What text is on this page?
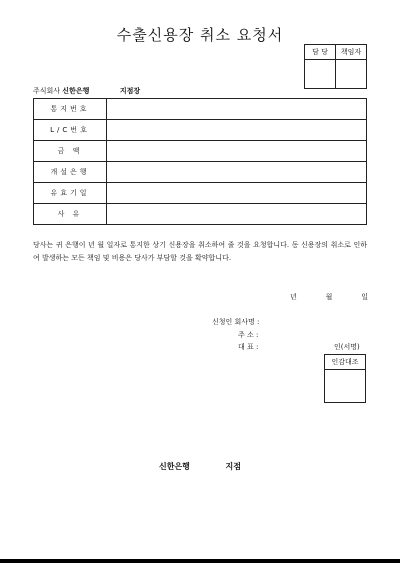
수출신용장 취소 요청서
담 당	책임자

주식회사 신한은행	지점장
통지번호	
L/C번호	
금 액	
개설은행	
유효기일	
사 유	
당사는 귀 은행이 년 월 일자로 통지한 상기 신용장을 취소하여 줄 것을 요청합니다. 동 신용장의 취소로 인하여 발생하는 모든 책임 및 비용은 당사가 부담할 것을 확약합니다.
년	월	일
신청인 회사명 :
주 소 :
대 표 :	인(서명)
인감대조
신한은행	지점
